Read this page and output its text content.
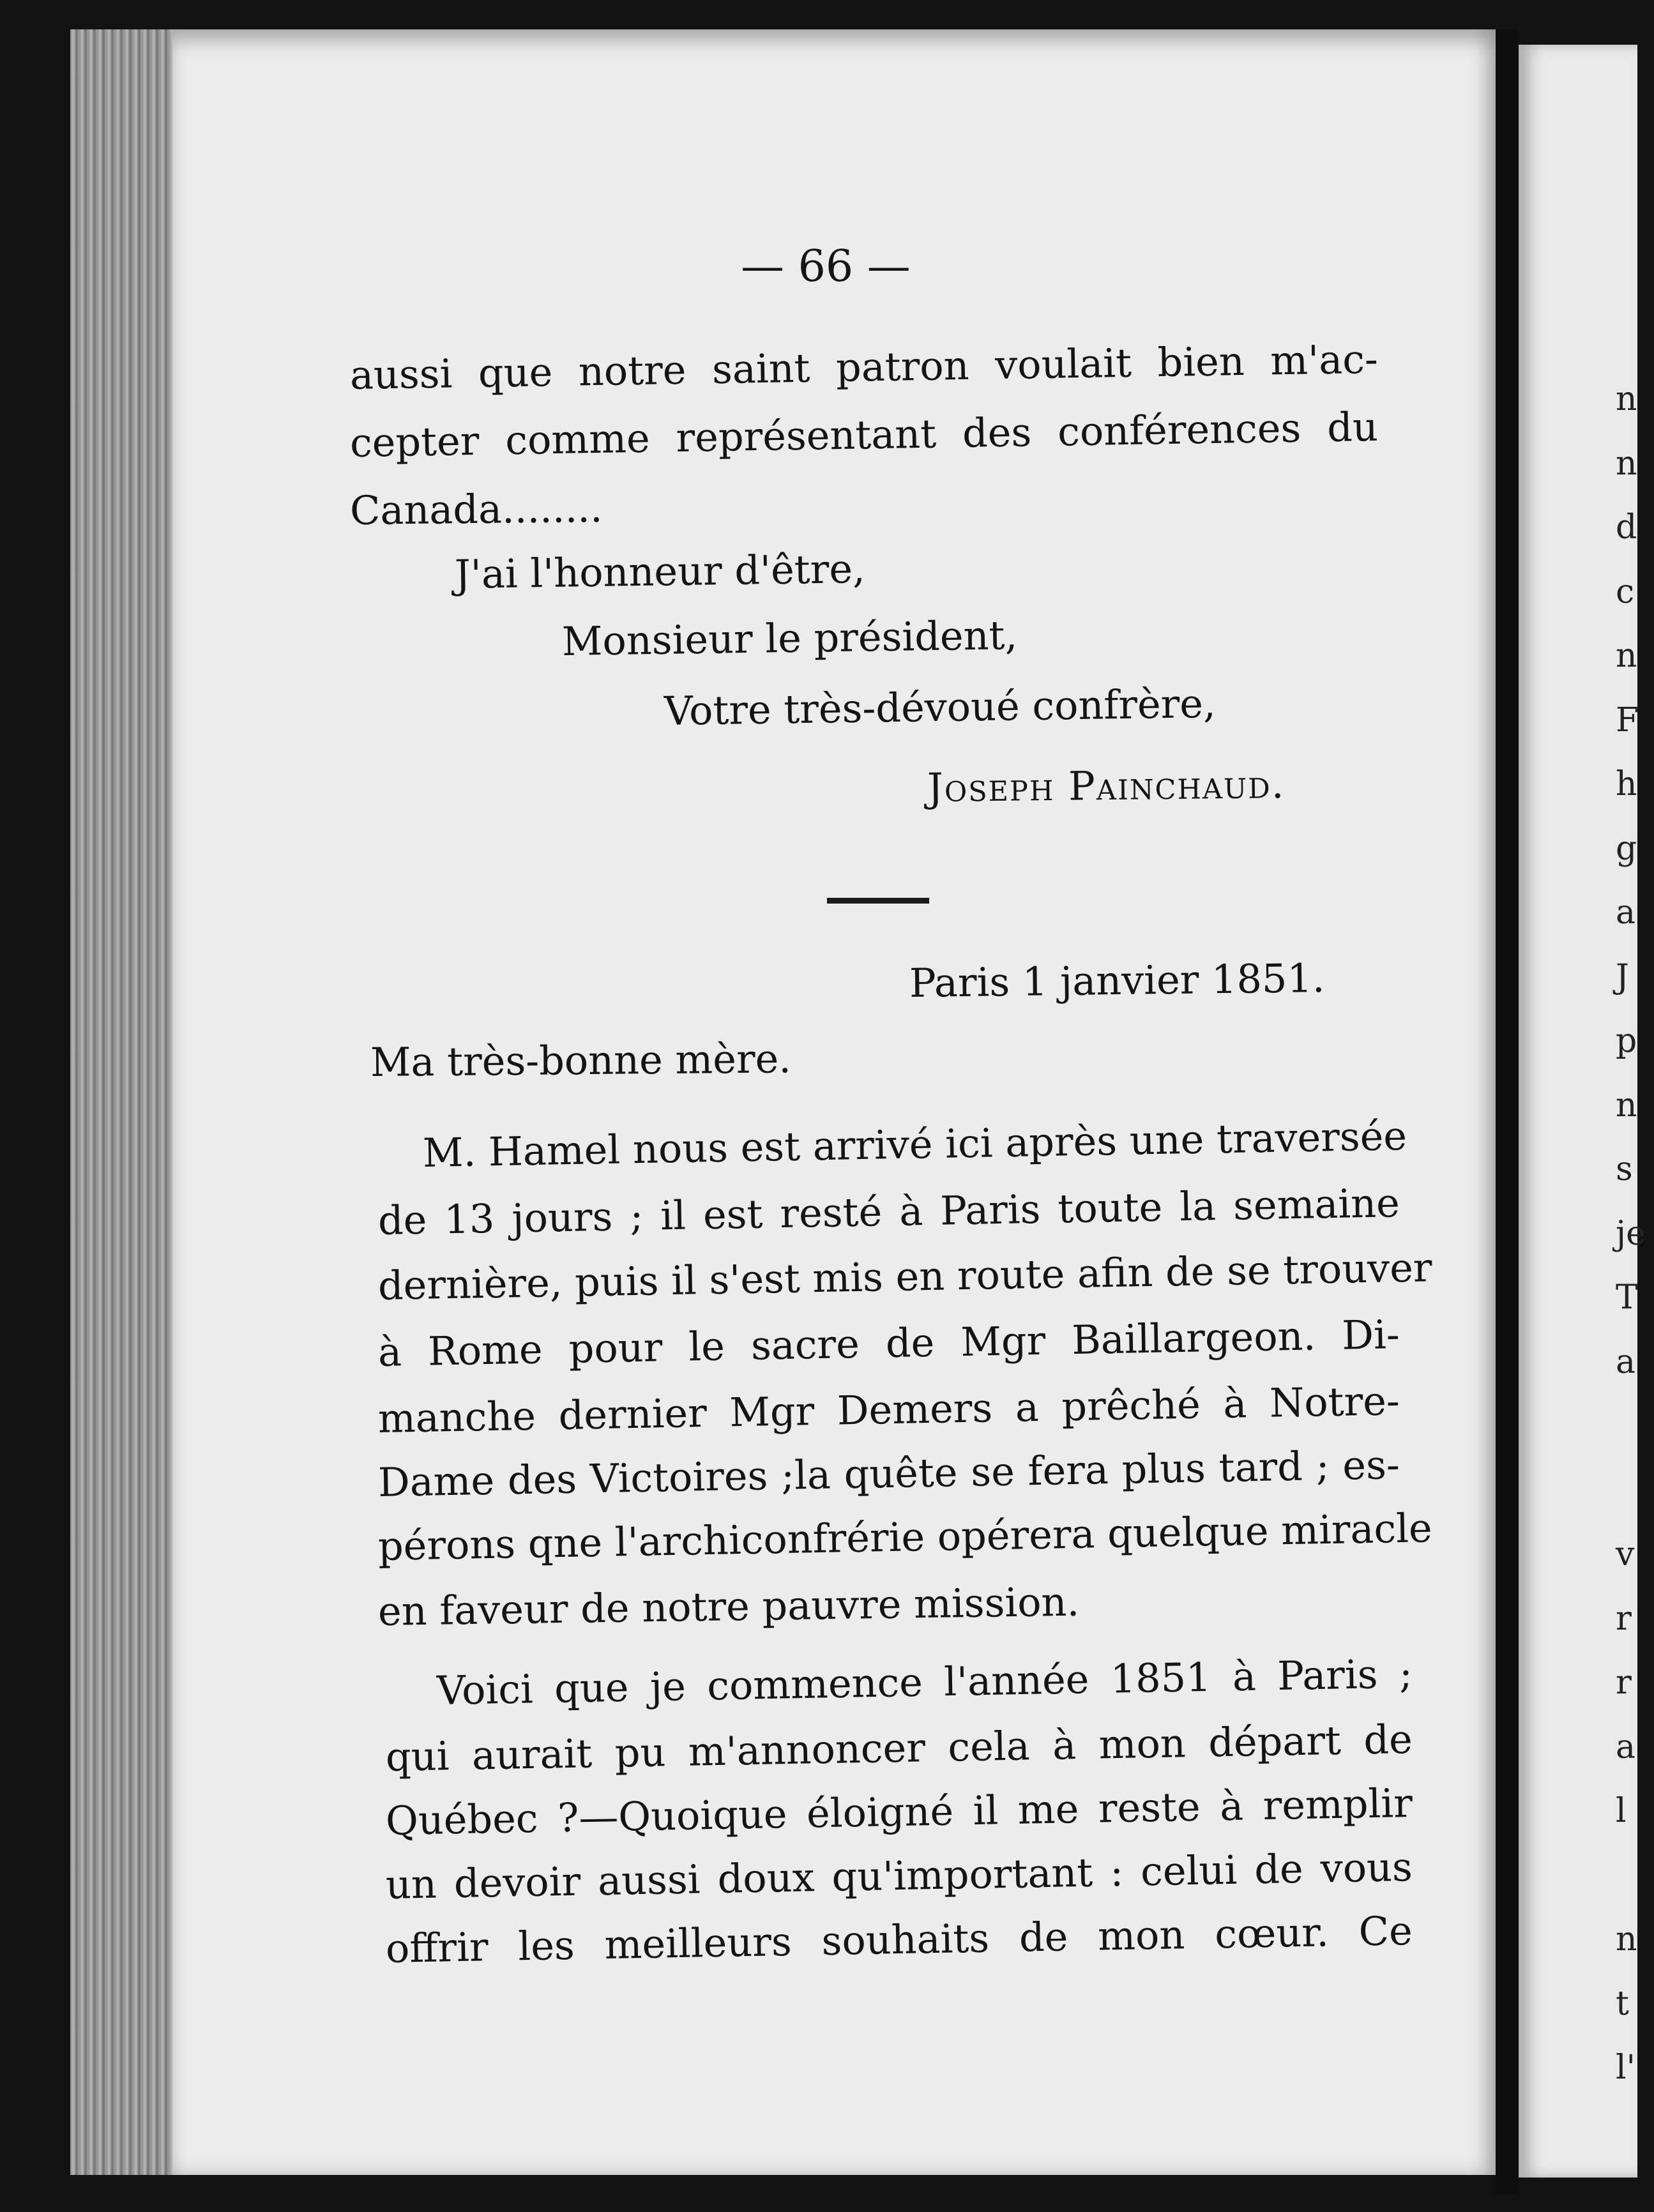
n
n
d
c
n
F
h
g
a
J
p
n
s
je
T
a
v
r
r
a
l
n
t
l'
— 66 —
aussi que notre saint patron voulait bien m'ac-
cepter comme représentant des conférences du
Canada........
J'ai l'honneur d'être,
Monsieur le président,
Votre très-dévoué confrère,
Joseph Painchaud.
Paris 1 janvier 1851.
Ma très-bonne mère.
M. Hamel nous est arrivé ici après une traversée
de 13 jours ; il est resté à Paris toute la semaine
dernière, puis il s'est mis en route afin de se trouver
à Rome pour le sacre de Mgr Baillargeon. Di-
manche dernier Mgr Demers a prêché à Notre-
Dame des Victoires ;la quête se fera plus tard ; es-
pérons qne l'archiconfrérie opérera quelque miracle
en faveur de notre pauvre mission.
Voici que je commence l'année 1851 à Paris ;
qui aurait pu m'annoncer cela à mon départ de
Québec ?—Quoique éloigné il me reste à remplir
un devoir aussi doux qu'important : celui de vous
offrir les meilleurs souhaits de mon cœur. Ce
